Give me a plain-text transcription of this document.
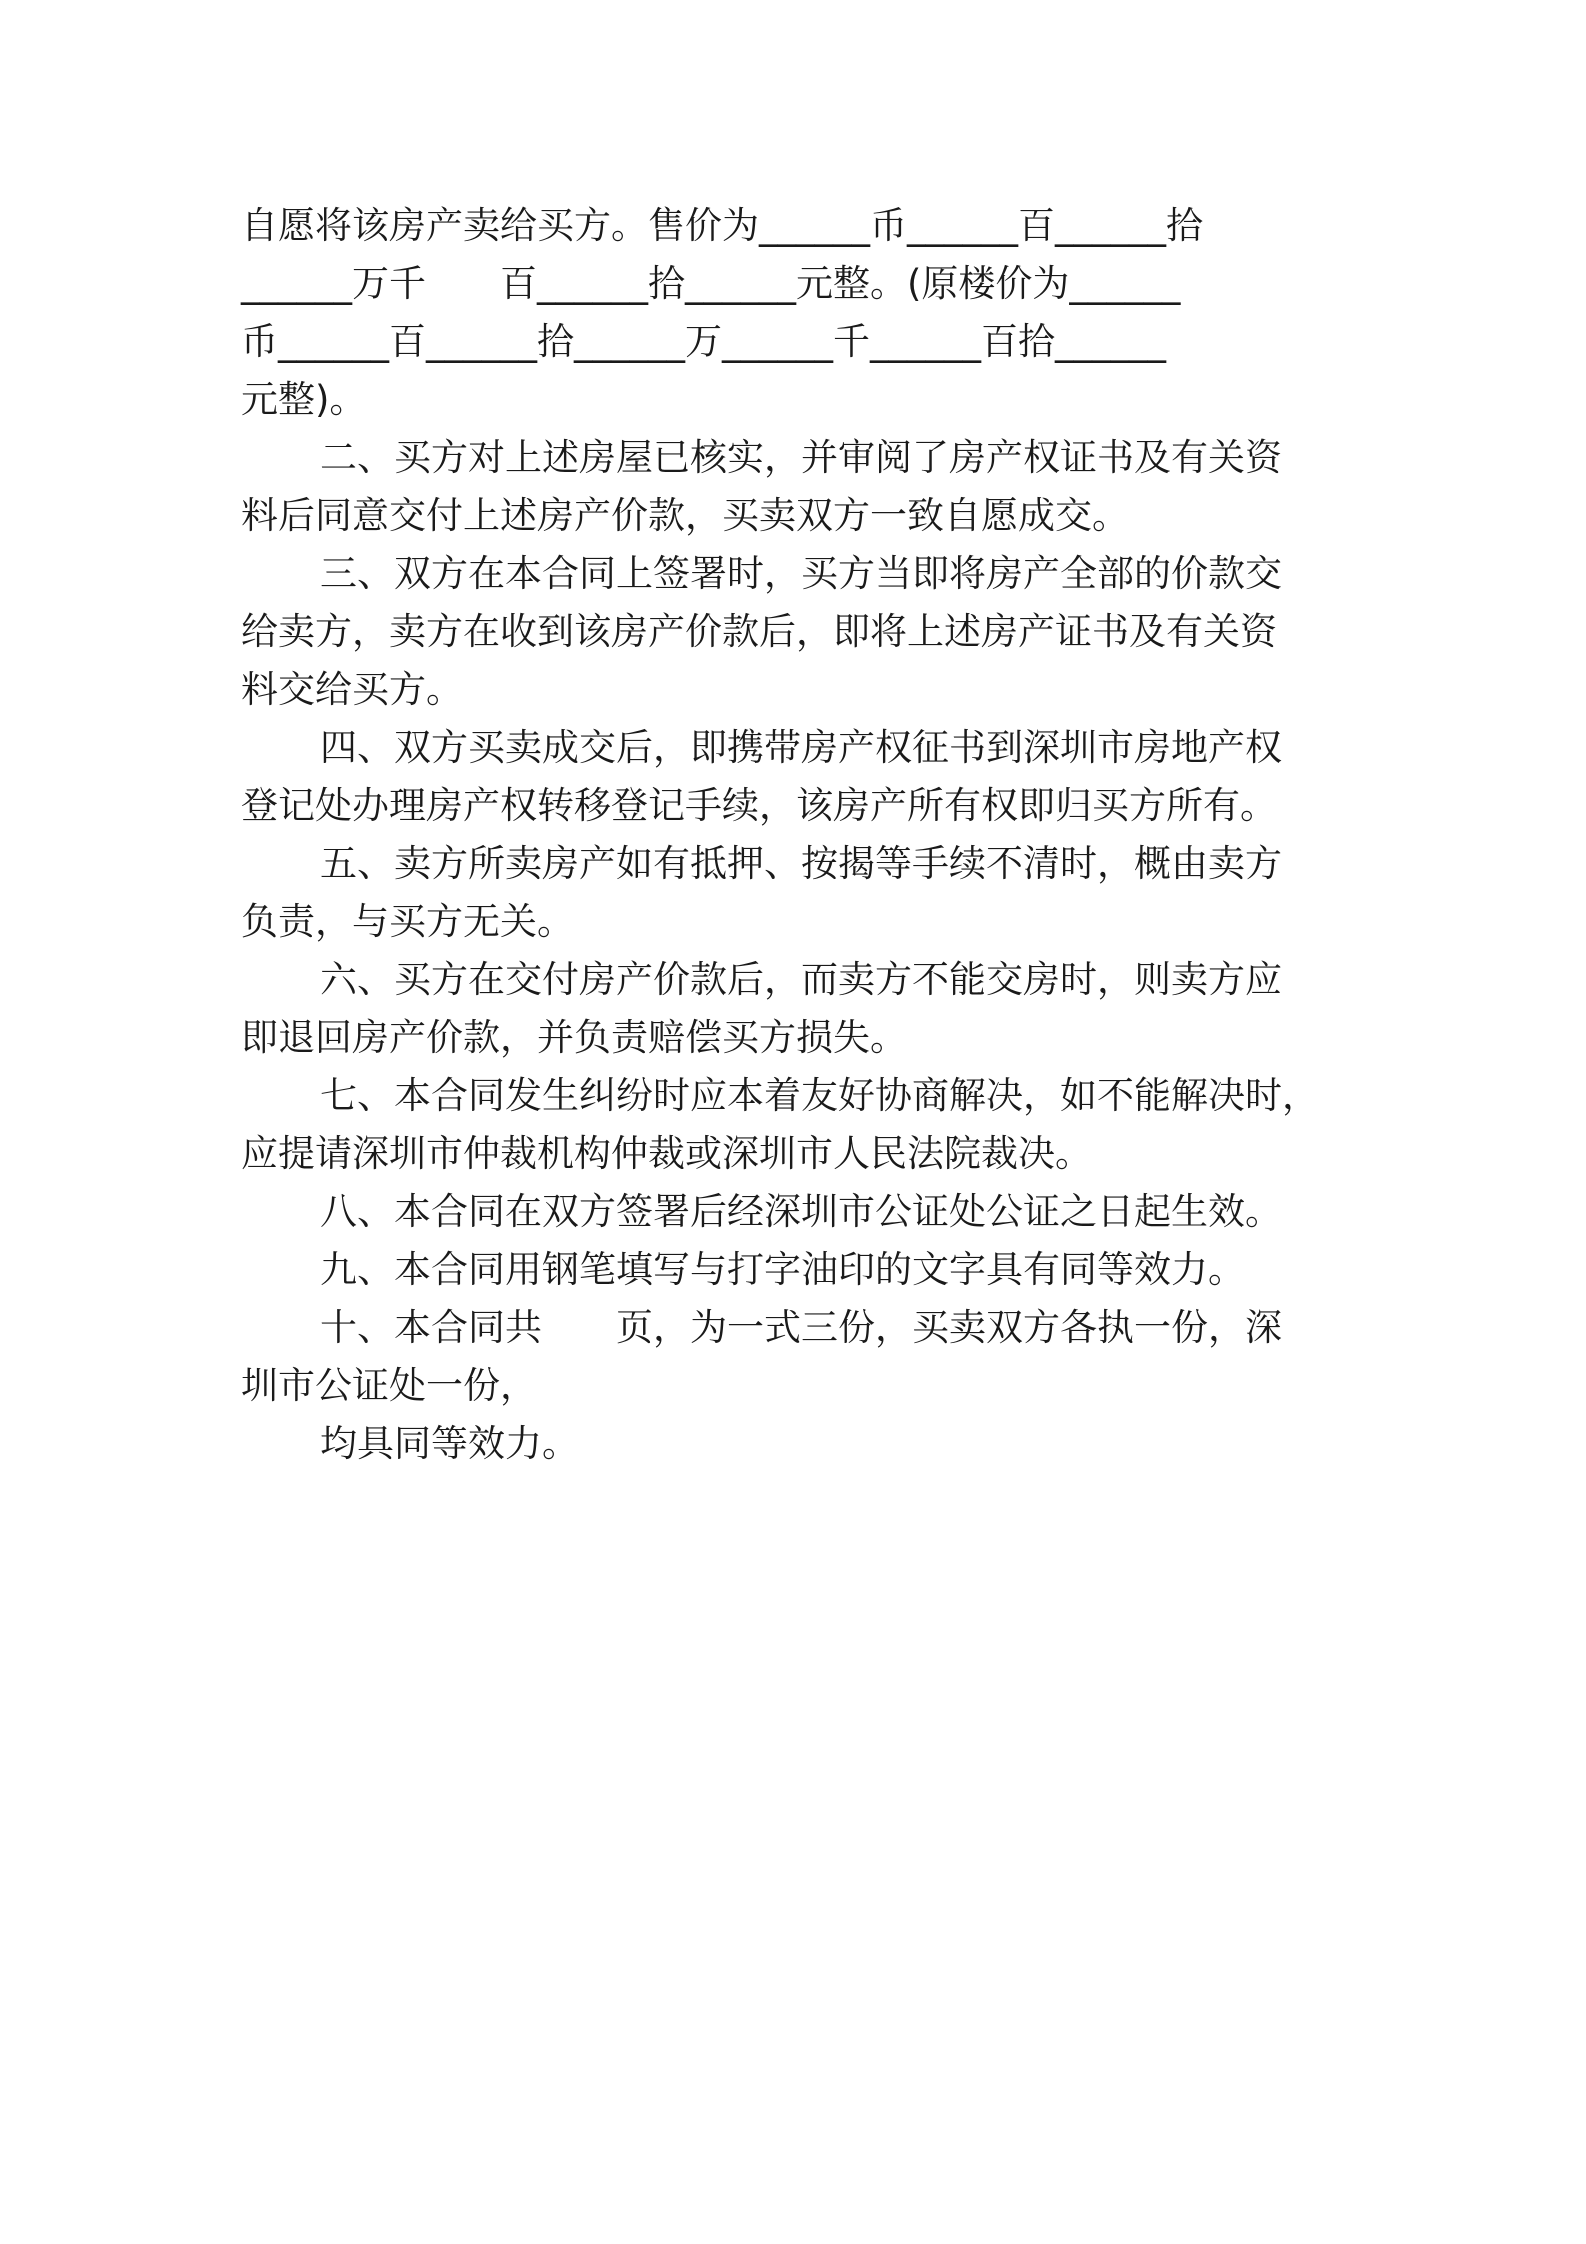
自愿将该房产卖给买方。售价为______币______百______拾
______万千　　百______拾______元整。(原楼价为______
币______百______拾______万______千______百拾______
元整)。
二、买方对上述房屋已核实，并审阅了房产权证书及有关资
料后同意交付上述房产价款，买卖双方一致自愿成交。
三、双方在本合同上签署时，买方当即将房产全部的价款交
给卖方，卖方在收到该房产价款后，即将上述房产证书及有关资
料交给买方。
四、双方买卖成交后，即携带房产权征书到深圳市房地产权
登记处办理房产权转移登记手续，该房产所有权即归买方所有。
五、卖方所卖房产如有抵押、按揭等手续不清时，概由卖方
负责，与买方无关。
六、买方在交付房产价款后，而卖方不能交房时，则卖方应
即退回房产价款，并负责赔偿买方损失。
七、本合同发生纠纷时应本着友好协商解决，如不能解决时，
应提请深圳市仲裁机构仲裁或深圳市人民法院裁决。
八、本合同在双方签署后经深圳市公证处公证之日起生效。
九、本合同用钢笔填写与打字油印的文字具有同等效力。
十、本合同共　　页，为一式三份，买卖双方各执一份，深
圳市公证处一份，
均具同等效力。
